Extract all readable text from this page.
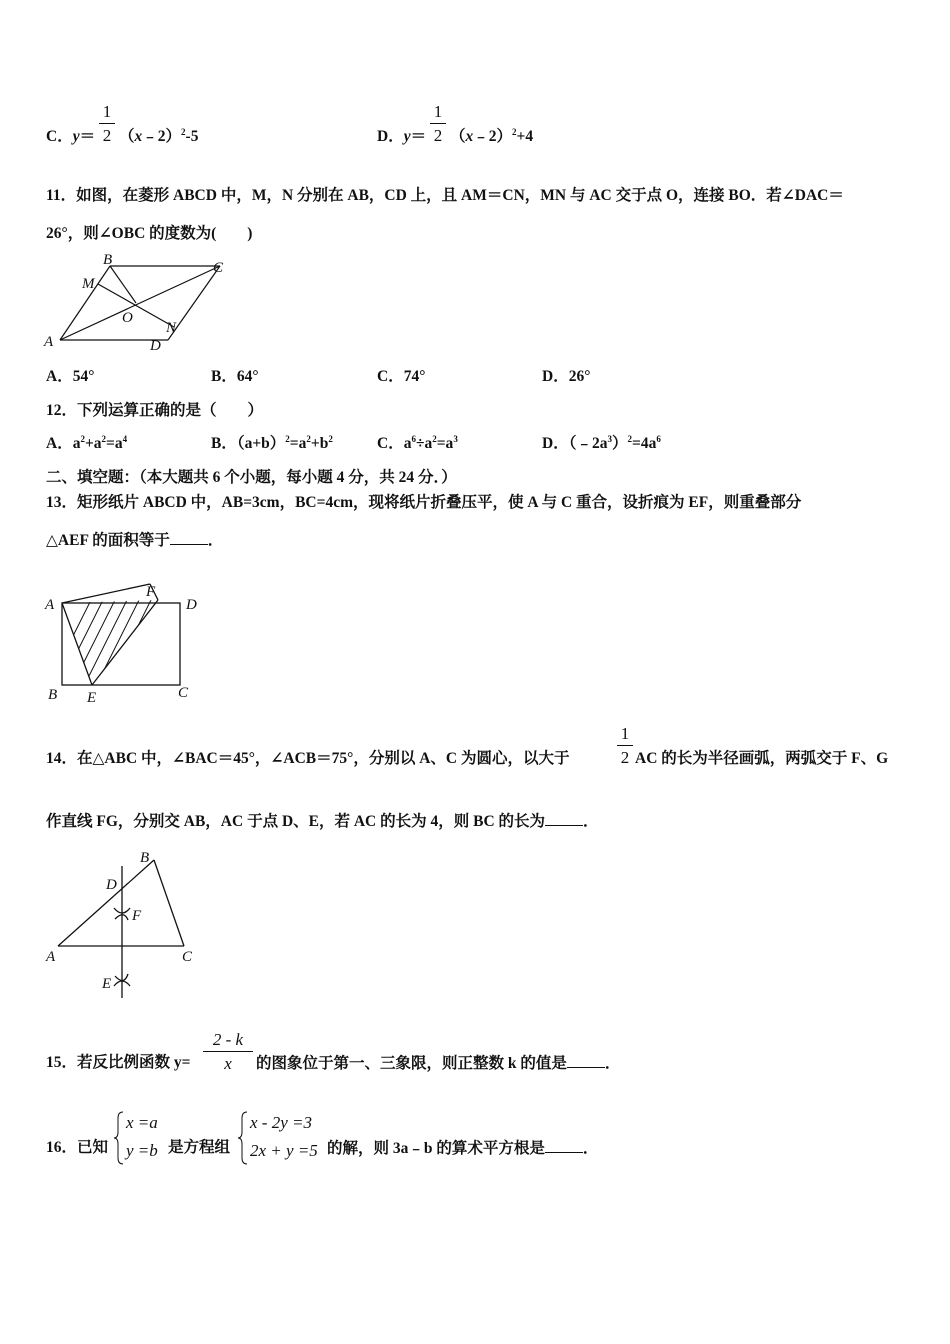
C．y＝
1
2 （x﹣2）$^2$-5	D．y＝
1
2 （x﹣2）$^2$+4
11．如图，在菱形 ABCD 中，M，N 分别在 AB，CD 上，且 AM＝CN，MN 与 AC 交于点 O，连接 BO．若∠DAC＝
26°，则∠OBC 的度数为(　　)
A
B	C
D
M
N
O
A．54°	B．64°	C．74°	D．26°
12．下列运算正确的是（　　）
A．$a^2+a^2=a^4$	B．$(a+b)^2=a^2+b^2$	C．$a^6\div a^2=a^3$	D．$(﹣2a^3)^2=4a^6$
二、填空题：（本大题共 6 个小题，每小题 4 分，共 24 分．）
13．矩形纸片 ABCD 中，AB=3cm，BC=4cm，现将纸片折叠压平，使 A 与 C 重合，设折痕为 EF，则重叠部分
△AEF 的面积等于 ．
A
F
D
B E	C
14．在△ABC 中，∠BAC＝45°，∠ACB＝75°，分别以 A、C 为圆心，以大于
1
2 AC 的长为半径画弧，两弧交于 F、G
作直线 FG，分别交 AB，AC 于点 D、E，若 AC 的长为 4，则 BC 的长为 ．
B
D
F
A	C
E
15．若反比例函数 y=
2 - k
x	的图象位于第一、三象限，则正整数 k 的值是 ．
16．已知
x =a
y =b 是方程组
x - 2y =3
2x + y =5 的解，则 3a﹣b 的算术平方根是 ．
